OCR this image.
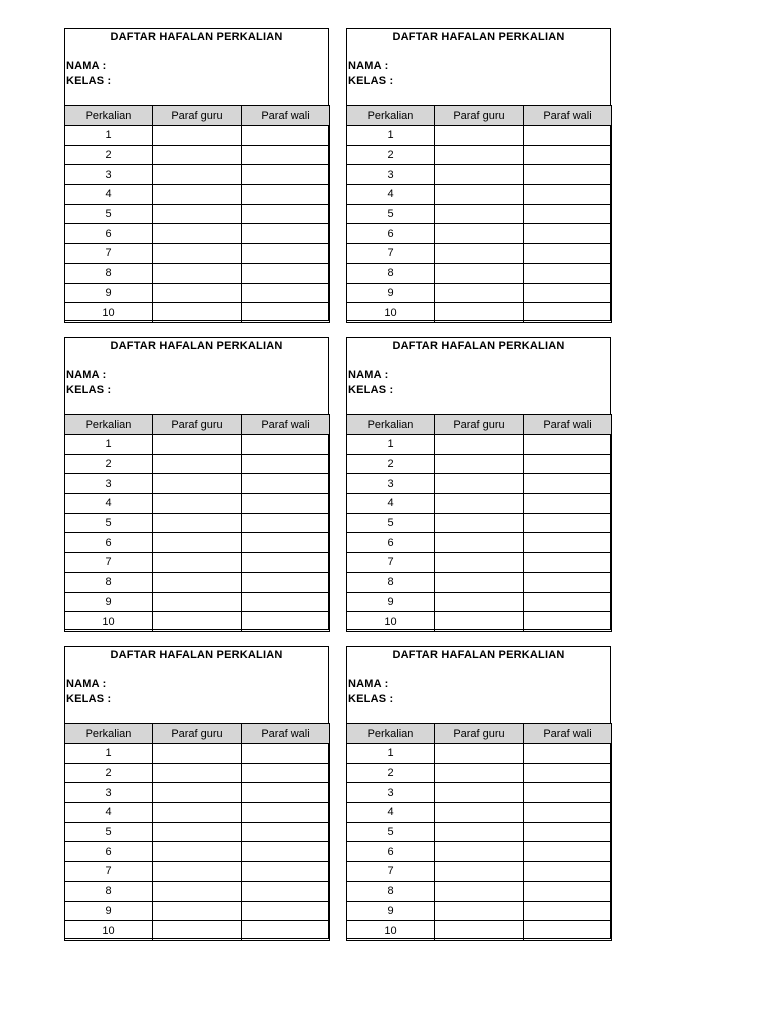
DAFTAR HAFALAN PERKALIAN
NAMA :
KELAS :
Perkalian	Paraf guru	Paraf wali
1		
2		
3		
4		
5		
6		
7		
8		
9		
10		
DAFTAR HAFALAN PERKALIAN
NAMA :
KELAS :
Perkalian	Paraf guru	Paraf wali
1		
2		
3		
4		
5		
6		
7		
8		
9		
10		
DAFTAR HAFALAN PERKALIAN
NAMA :
KELAS :
Perkalian	Paraf guru	Paraf wali
1		
2		
3		
4		
5		
6		
7		
8		
9		
10		
DAFTAR HAFALAN PERKALIAN
NAMA :
KELAS :
Perkalian	Paraf guru	Paraf wali
1		
2		
3		
4		
5		
6		
7		
8		
9		
10		
DAFTAR HAFALAN PERKALIAN
NAMA :
KELAS :
Perkalian	Paraf guru	Paraf wali
1		
2		
3		
4		
5		
6		
7		
8		
9		
10		
DAFTAR HAFALAN PERKALIAN
NAMA :
KELAS :
Perkalian	Paraf guru	Paraf wali
1		
2		
3		
4		
5		
6		
7		
8		
9		
10		
